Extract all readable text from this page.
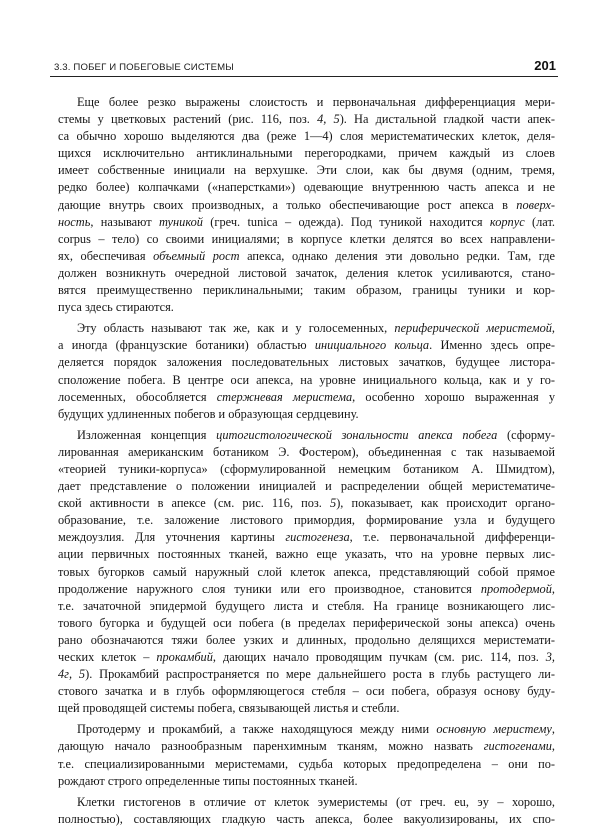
3.3. ПОБЕГ И ПОБЕГОВЫЕ СИСТЕМЫ	201
Еще более резко выражены слоистость и первоначальная дифференциация мери-
стемы у цветковых растений (рис. 116, поз. 4, 5). На дистальной гладкой части апек-
са обычно хорошо выделяются два (реже 1—4) слоя меристематических клеток, деля-
щихся исключительно антиклинальными перегородками, причем каждый из слоев
имеет собственные инициали на верхушке. Эти слои, как бы двумя (одним, тремя,
редко более) колпачками («наперстками») одевающие внутреннюю часть апекса и не
дающие внутрь своих производных, а только обеспечивающие рост апекса в поверх-
ность, называют туникой (греч. tunica – одежда). Под туникой находится корпус (лат.
corpus – тело) со своими инициалями; в корпусе клетки делятся во всех направлени-
ях, обеспечивая объемный рост апекса, однако деления эти довольно редки. Там, где
должен возникнуть очередной листовой зачаток, деления клеток усиливаются, стано-
вятся преимущественно периклинальными; таким образом, границы туники и кор-
пуса здесь стираются.
Эту область называют так же, как и у голосеменных, периферической меристемой,
а иногда (французские ботаники) областью инициального кольца. Именно здесь опре-
деляется порядок заложения последовательных листовых зачатков, будущее листора-
сположение побега. В центре оси апекса, на уровне инициального кольца, как и у го-
лосеменных, обособляется стержневая меристема, особенно хорошо выраженная у
будущих удлиненных побегов и образующая сердцевину.
Изложенная концепция цитогистологической зональности апекса побега (сформу-
лированная американским ботаником Э. Фостером), объединенная с так называемой
«теорией туники-корпуса» (сформулированной немецким ботаником А. Шмидтом),
дает представление о положении инициалей и распределении общей меристематиче-
ской активности в апексе (см. рис. 116, поз. 5), показывает, как происходит органо-
образование, т.е. заложение листового примордия, формирование узла и будущего
междоузлия. Для уточнения картины гистогенеза, т.е. первоначальной дифференци-
ации первичных постоянных тканей, важно еще указать, что на уровне первых лис-
товых бугорков самый наружный слой клеток апекса, представляющий собой прямое
продолжение наружного слоя туники или его производное, становится протодермой,
т.е. зачаточной эпидермой будущего листа и стебля. На границе возникающего лис-
тового бугорка и будущей оси побега (в пределах периферической зоны апекса) очень
рано обозначаются тяжи более узких и длинных, продольно делящихся меристемати-
ческих клеток – прокамбий, дающих начало проводящим пучкам (см. рис. 114, поз. 3,
4г, 5). Прокамбий распространяется по мере дальнейшего роста в глубь растущего ли-
стового зачатка и в глубь оформляющегося стебля – оси побега, образуя основу буду-
щей проводящей системы побега, связывающей листья и стебли.
Протодерму и прокамбий, а также находящуюся между ними основную меристему,
дающую начало разнообразным паренхимным тканям, можно назвать гистогенами,
т.е. специализированными меристемами, судьба которых предопределена – они по-
рождают строго определенные типы постоянных тканей.
Клетки гистогенов в отличие от клеток эумеристемы (от греч. eu, эу – хорошо,
полностью), составляющих гладкую часть апекса, более вакуолизированы, их спо-
